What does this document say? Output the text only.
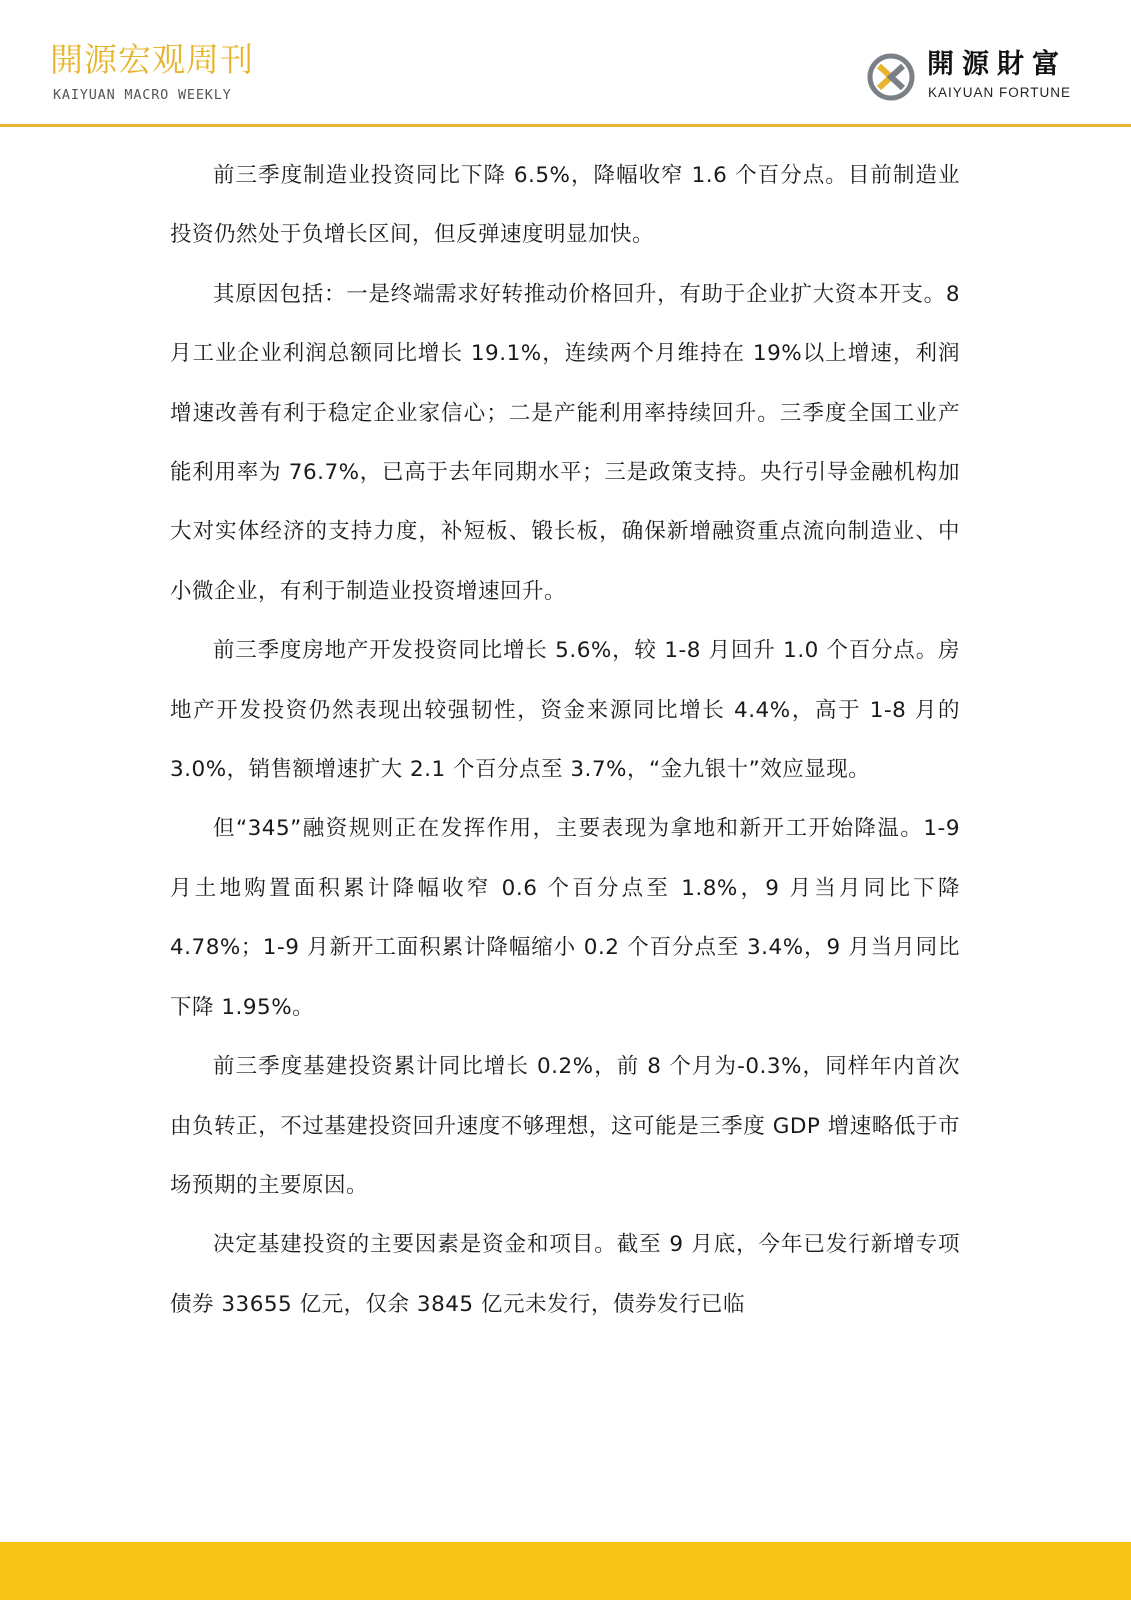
開源宏观周刊
KAIYUAN MACRO WEEKLY
開源財富
KAIYUAN FORTUNE

前三季度制造业投资同比下降 6.5%，降幅收窄 1.6 个百分点。目前制造业投资仍然处于负增长区间，但反弹速度明显加快。

其原因包括：一是终端需求好转推动价格回升，有助于企业扩大资本开支。8 月工业企业利润总额同比增长 19.1%，连续两个月维持在 19%以上增速，利润增速改善有利于稳定企业家信心；二是产能利用率持续回升。三季度全国工业产能利用率为 76.7%，已高于去年同期水平；三是政策支持。央行引导金融机构加大对实体经济的支持力度，补短板、锻长板，确保新增融资重点流向制造业、中小微企业，有利于制造业投资增速回升。

前三季度房地产开发投资同比增长 5.6%，较 1-8 月回升 1.0 个百分点。房地产开发投资仍然表现出较强韧性，资金来源同比增长 4.4%，高于 1-8 月的 3.0%，销售额增速扩大 2.1 个百分点至 3.7%，“金九银十”效应显现。

但“345”融资规则正在发挥作用，主要表现为拿地和新开工开始降温。1-9 月土地购置面积累计降幅收窄 0.6 个百分点至 1.8%，9 月当月同比下降 4.78%；1-9 月新开工面积累计降幅缩小 0.2 个百分点至 3.4%，9 月当月同比下降 1.95%。

前三季度基建投资累计同比增长 0.2%，前 8 个月为-0.3%，同样年内首次由负转正，不过基建投资回升速度不够理想，这可能是三季度 GDP 增速略低于市场预期的主要原因。

决定基建投资的主要因素是资金和项目。截至 9 月底，今年已发行新增专项债券 33655 亿元，仅余 3845 亿元未发行，债券发行已临
